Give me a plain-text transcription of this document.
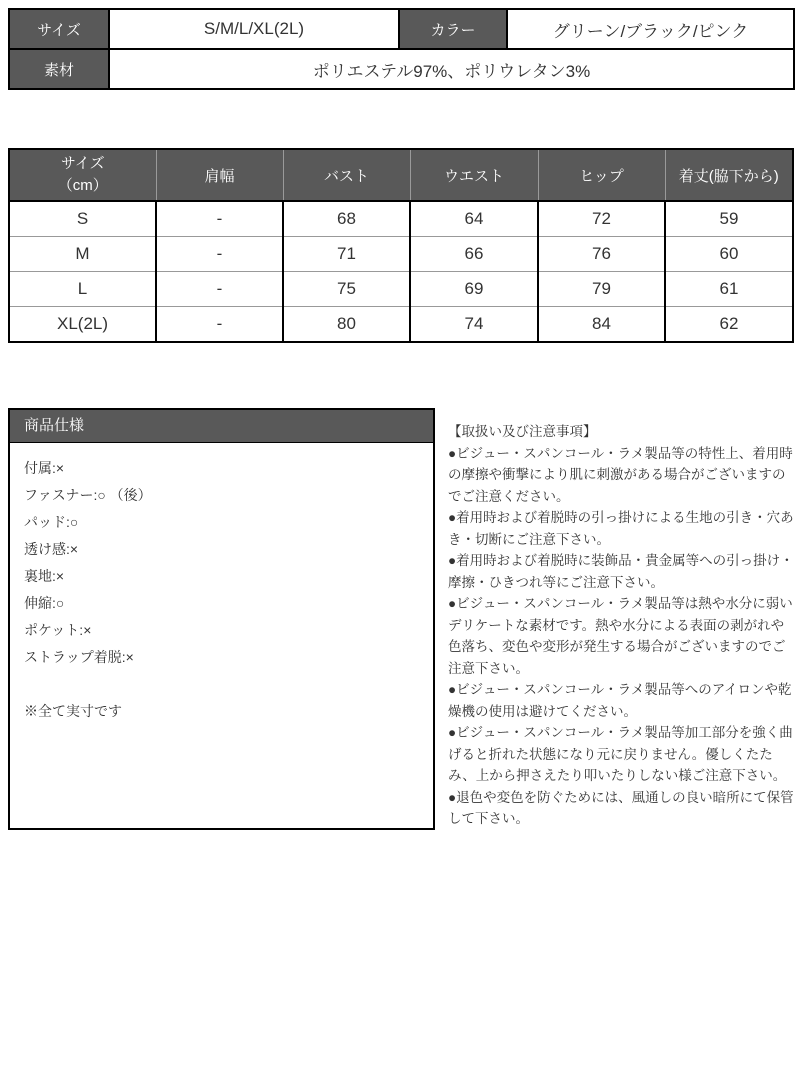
サイズ	S/M/L/XL(2L)	カラー	グリーン/ブラック/ピンク
素材	ポリエステル97%、ポリウレタン3%		
サイズ
（cm）	肩幅	バスト	ウエスト	ヒップ	着丈(脇下から)
S	-	68	64	72	59
M	-	71	66	76	60
L	-	75	69	79	61
XL(2L)	-	80	74	84	62
商品仕様
付属:×
ファスナー:○ （後）
パッド:○
透け感:×
裏地:×
伸縮:○
ポケット:×
ストラップ着脱:×
※全て実寸です

【取扱い及び注意事項】

●ビジュー・スパンコール・ラメ製品等の特性上、着用時の摩擦や衝撃により肌に刺激がある場合がございますのでご注意ください。

●着用時および着脱時の引っ掛けによる生地の引き・穴あき・切断にご注意下さい。

●着用時および着脱時に装飾品・貴金属等への引っ掛け・摩擦・ひきつれ等にご注意下さい。

●ビジュー・スパンコール・ラメ製品等は熱や水分に弱いデリケートな素材です。熱や水分による表面の剥がれや色落ち、変色や変形が発生する場合がございますのでご注意下さい。

●ビジュー・スパンコール・ラメ製品等へのアイロンや乾燥機の使用は避けてください。

●ビジュー・スパンコール・ラメ製品等加工部分を強く曲げると折れた状態になり元に戻りません。優しくたたみ、上から押さえたり叩いたりしない様ご注意下さい。

●退色や変色を防ぐためには、風通しの良い暗所にて保管して下さい。
